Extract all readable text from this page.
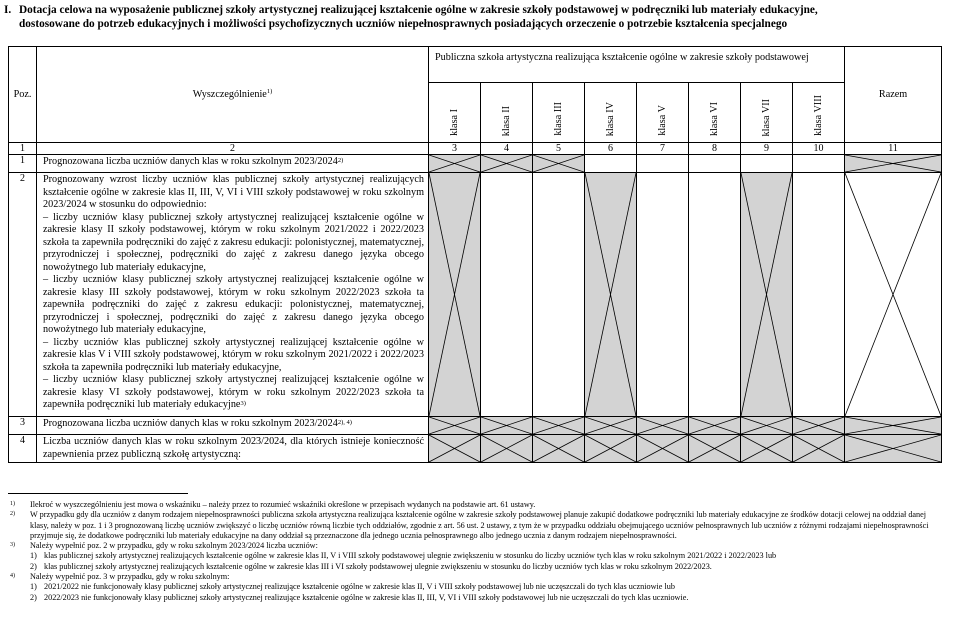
I. Dotacja celowa na wyposażenie publicznej szkoły artystycznej realizującej kształcenie ogólne w zakresie szkoły podstawowej w podręczniki lub materiały edukacyjne,
dostosowane do potrzeb edukacyjnych i możliwości psychofizycznych uczniów niepełnosprawnych posiadających orzeczenie o potrzebie kształcenia specjalnego
Poz.	Wyszczególnienie$^{1)}$	Publiczna szkoła artystyczna realizująca kształcenie ogólne w zakresie szkoły podstawowej								Razem
		klasa I	klasa II	klasa III	klasa IV	klasa V	klasa VI	klasa VII	klasa VIII	
1	2	3	4	5	6	7	8	9	10	11
1	Prognozowana liczba uczniów danych klas w roku szkolnym 2023/2024$^{2)}$	

2	Prognozowany wzrost liczby uczniów klas publicznej szkoły artystycznej realizujących kształcenie ogólne w zakresie klas II, III, V, VI i VIII szkoły podstawowej w roku szkolnym 2023/2024 w stosunku do odpowiednio:
– liczby uczniów klasy publicznej szkoły artystycznej realizującej kształcenie ogólne w zakresie klasy II szkoły podstawowej, którym w roku szkolnym 2021/2022 i 2022/2023 szkoła ta zapewniła podręczniki do zajęć z zakresu edukacji: polonistycznej, matematycznej, przyrodniczej i społecznej, podręczniki do zajęć z zakresu danego języka obcego nowożytnego lub materiały edukacyjne,
– liczby uczniów klasy publicznej szkoły artystycznej realizującej kształcenie ogólne w zakresie klasy III szkoły podstawowej, którym w roku szkolnym 2022/2023 szkoła ta zapewniła podręczniki do zajęć z zakresu edukacji: polonistycznej, matematycznej, przyrodniczej i społecznej, podręczniki do zajęć z zakresu danego języka obcego nowożytnego lub materiały edukacyjne,
– liczby uczniów klas publicznej szkoły artystycznej realizującej kształcenie ogólne w zakresie klas V i VIII szkoły podstawowej, którym w roku szkolnym 2021/2022 i 2022/2023 szkoła ta zapewniła podręczniki lub materiały edukacyjne,
– liczby uczniów klasy publicznej szkoły artystycznej realizującej kształcenie ogólne w zakresie klasy VI szkoły podstawowej, którym w roku szkolnym 2022/2023 szkoła ta zapewniła podręczniki lub materiały edukacyjne$^{3)}$

3	Prognozowana liczba uczniów danych klas w roku szkolnym $2023/2024^{2), 4)}$	

4	Liczba uczniów danych klas w roku szkolnym 2023/2024, dla których istnieje konieczność zapewnienia przez publiczną szkołę artystyczną:	

1) Ilekroć w wyszczególnieniu jest mowa o wskaźniku – należy przez to rozumieć wskaźniki określone w przepisach wydanych na podstawie art. 61 ustawy.
2) W przypadku gdy dla uczniów z danym rodzajem niepełnosprawności publiczna szkoła artystyczna realizująca kształcenie ogólne w zakresie szkoły podstawowej planuje zakupić dodatkowe podręczniki lub materiały edukacyjne ze środków dotacji celowej na oddział danej klasy, należy w poz. 1 i 3 prognozowaną liczbę uczniów zwiększyć o liczbę uczniów równą liczbie tych oddziałów, zgodnie z art. 56 ust. 2 ustawy, z tym że w przypadku oddziału obejmującego uczniów pełnosprawnych lub uczniów z różnymi rodzajami niepełnosprawności przyjmuje się, że dodatkowe podręczniki lub materiały edukacyjne na dany oddział są przeznaczone dla jednego ucznia pełnosprawnego albo jednego ucznia z danym rodzajem niepełnosprawności.
3) Należy wypełnić poz. 2 w przypadku, gdy w roku szkolnym 2023/2024 liczba uczniów:
1) klas publicznej szkoły artystycznej realizujących kształcenie ogólne w zakresie klas II, V i VIII szkoły podstawowej ulegnie zwiększeniu w stosunku do liczby uczniów tych klas w roku szkolnym 2021/2022 i 2022/2023 lub
2) klas publicznej szkoły artystycznej realizujących kształcenie ogólne w zakresie klas III i VI szkoły podstawowej ulegnie zwiększeniu w stosunku do liczby uczniów tych klas w roku szkolnym 2022/2023.
4) Należy wypełnić poz. 3 w przypadku, gdy w roku szkolnym:
1) 2021/2022 nie funkcjonowały klasy publicznej szkoły artystycznej realizujące kształcenie ogólne w zakresie klas II, V i VIII szkoły podstawowej lub nie uczęszczali do tych klas uczniowie lub
2) 2022/2023 nie funkcjonowały klasy publicznej szkoły artystycznej realizujące kształcenie ogólne w zakresie klas II, III, V, VI i VIII szkoły podstawowej lub nie uczęszczali do tych klas uczniowie.
